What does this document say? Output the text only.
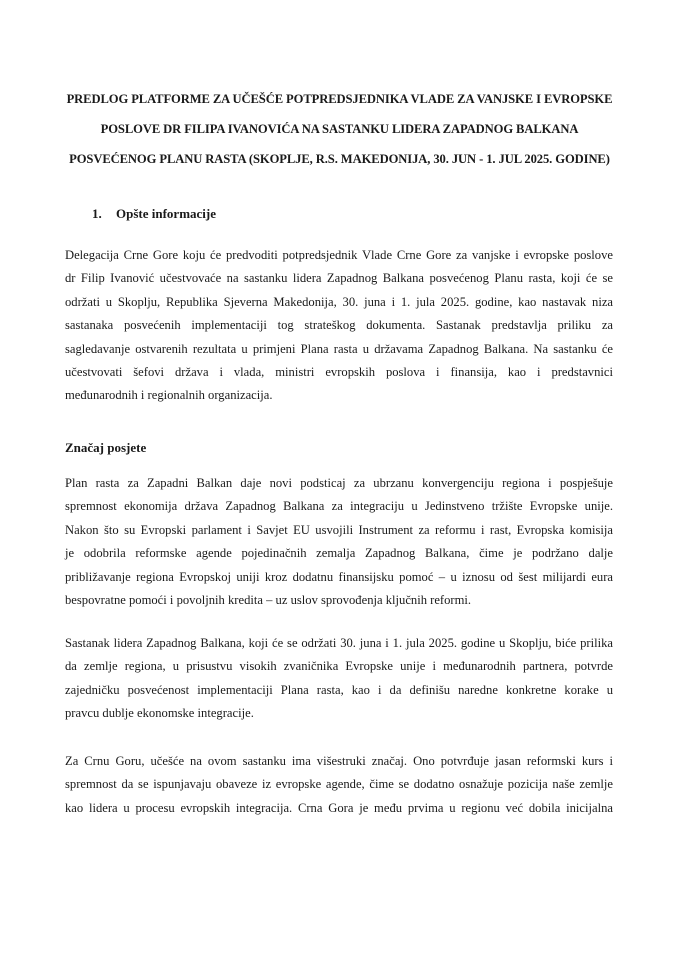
PREDLOG PLATFORME ZA UČEŠĆE POTPREDSJEDNIKA VLADE ZA VANJSKE I EVROPSKE
POSLOVE DR FILIPA IVANOVIĆA NA SASTANKU LIDERA ZAPADNOG BALKANA
POSVEĆENOG PLANU RASTA (SKOPLJE, R.S. MAKEDONIJA, 30. JUN - 1. JUL 2025. GODINE)
1. Opšte informacije
Delegacija Crne Gore koju će predvoditi potpredsjednik Vlade Crne Gore za vanjske i evropske poslove
dr Filip Ivanović učestvovaće na sastanku lidera Zapadnog Balkana posvećenog Planu rasta, koji će se
održati u Skoplju, Republika Sjeverna Makedonija, 30. juna i 1. jula 2025. godine, kao nastavak niza
sastanaka posvećenih implementaciji tog strateškog dokumenta. Sastanak predstavlja priliku za
sagledavanje ostvarenih rezultata u primjeni Plana rasta u državama Zapadnog Balkana. Na sastanku će
učestvovati šefovi država i vlada, ministri evropskih poslova i finansija, kao i predstavnici
međunarodnih i regionalnih organizacija.
Značaj posjete
Plan rasta za Zapadni Balkan daje novi podsticaj za ubrzanu konvergenciju regiona i pospješuje
spremnost ekonomija država Zapadnog Balkana za integraciju u Jedinstveno tržište Evropske unije.
Nakon što su Evropski parlament i Savjet EU usvojili Instrument za reformu i rast, Evropska komisija
je odobrila reformske agende pojedinačnih zemalja Zapadnog Balkana, čime je podržano dalje
približavanje regiona Evropskoj uniji kroz dodatnu finansijsku pomoć – u iznosu od šest milijardi eura
bespovratne pomoći i povoljnih kredita – uz uslov sprovođenja ključnih reformi.
Sastanak lidera Zapadnog Balkana, koji će se održati 30. juna i 1. jula 2025. godine u Skoplju, biće prilika
da zemlje regiona, u prisustvu visokih zvaničnika Evropske unije i međunarodnih partnera, potvrde
zajedničku posvećenost implementaciji Plana rasta, kao i da definišu naredne konkretne korake u
pravcu dublje ekonomske integracije.
Za Crnu Goru, učešće na ovom sastanku ima višestruki značaj. Ono potvrđuje jasan reformski kurs i
spremnost da se ispunjavaju obaveze iz evropske agende, čime se dodatno osnažuje pozicija naše zemlje
kao lidera u procesu evropskih integracija. Crna Gora je među prvima u regionu već dobila inicijalna
